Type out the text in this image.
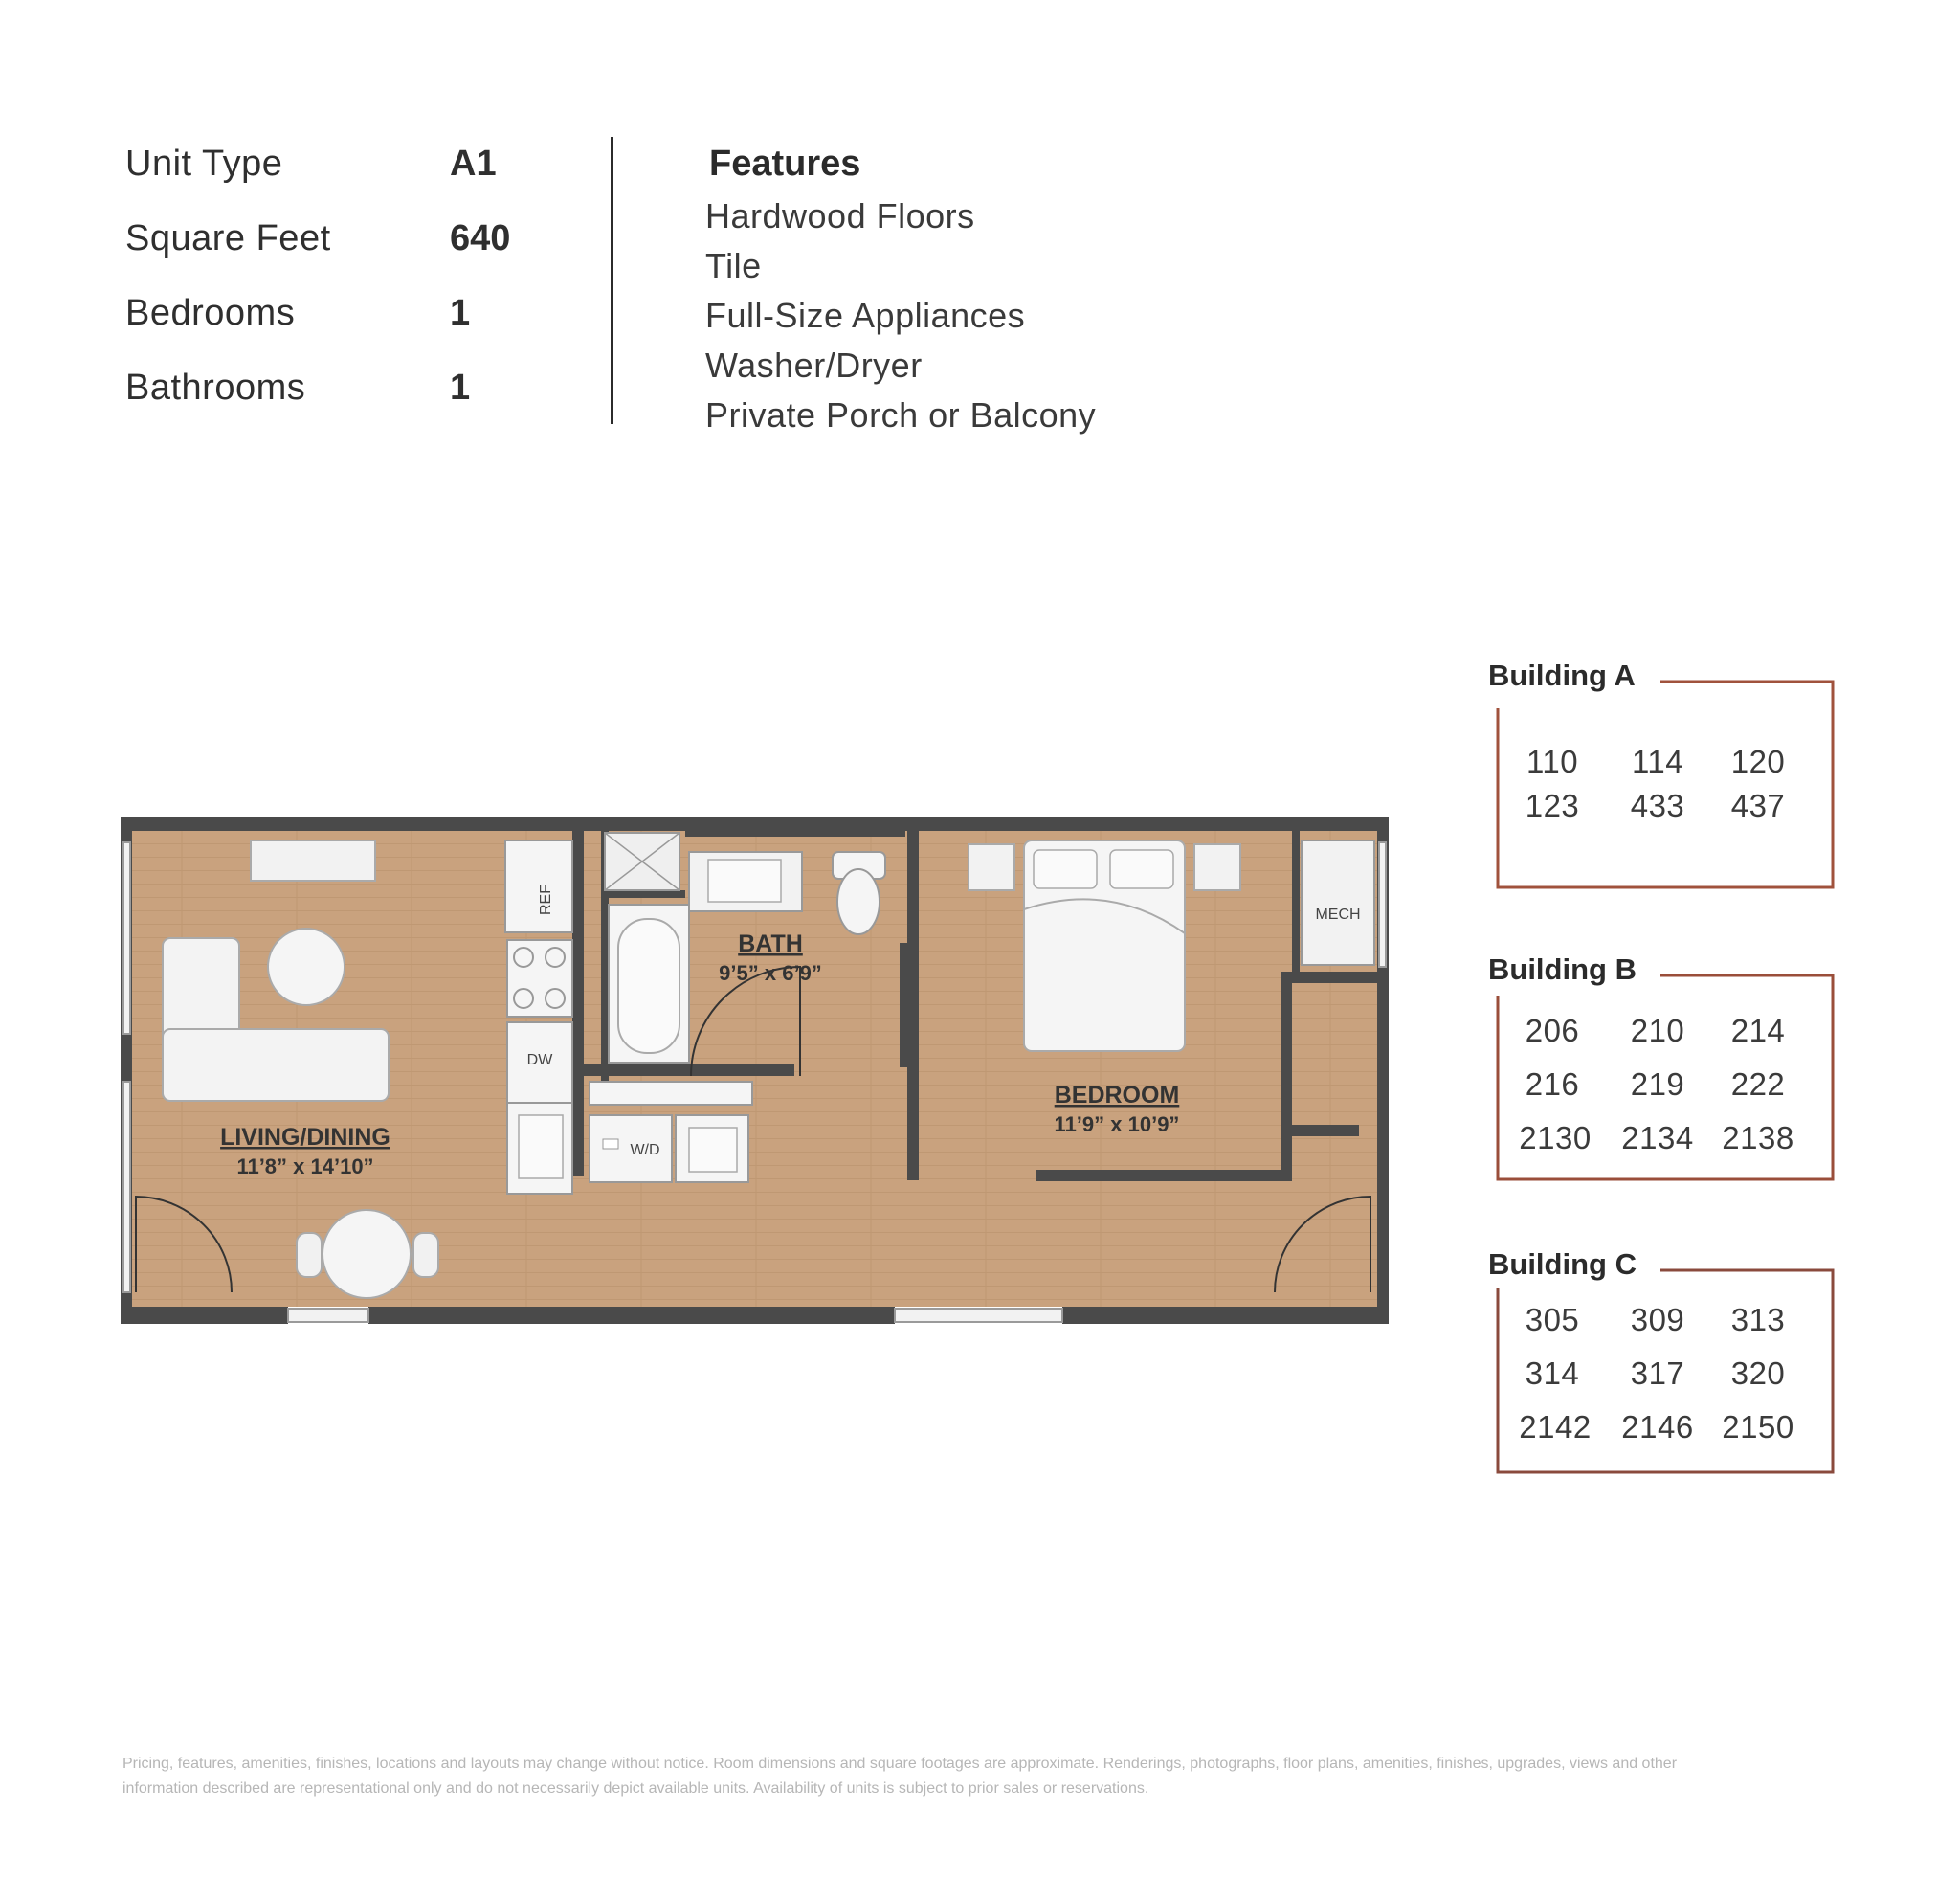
Unit Type	A1
Square Feet	640
Bedrooms	1
Bathrooms	1
Features
Hardwood Floors
Tile
Full-Size Appliances
Washer/Dryer
Private Porch or Balcony
LIVING/DINING
11’8” x 14’10”
BATH
9’5” x 6’9”
BEDROOM
11’9” x 10’9”
REF
DW
W/D
MECH
Building A
110	114	120
123	433	437
Building B
206	210	214
216	219	222
2130 2134 2138
Building C
305	309	313
314	317	320
2142 2146 2150
Pricing, features, amenities, finishes, locations and layouts may change without notice. Room dimensions and square footages are approximate. Renderings, photographs, floor plans, amenities, finishes, upgrades, views and other information described are representational only and do not necessarily depict available units. Availability of units is subject to prior sales or reservations.
